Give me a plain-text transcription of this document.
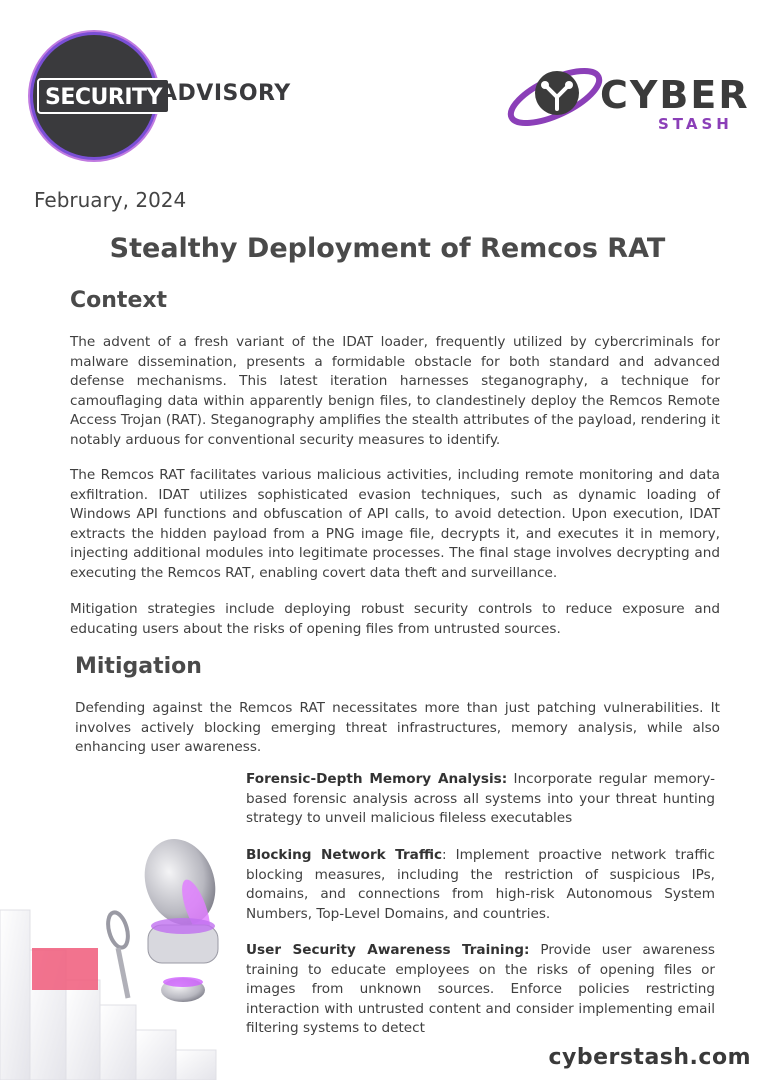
SECURITY
ADVISORY	CYBER
STASH
February, 2024
Stealthy Deployment of Remcos RAT
Context

The advent of a fresh variant of the IDAT loader, frequently utilized by cybercriminals for malware dissemination, presents a formidable obstacle for both standard and advanced defense mechanisms. This latest iteration harnesses steganography, a technique for camouflaging data within apparently benign files, to clandestinely deploy the Remcos Remote Access Trojan (RAT). Steganography amplifies the stealth attributes of the payload, rendering it notably arduous for conventional security measures to identify.

The Remcos RAT facilitates various malicious activities, including remote monitoring and data exfiltration. IDAT utilizes sophisticated evasion techniques, such as dynamic loading of Windows API functions and obfuscation of API calls, to avoid detection. Upon execution, IDAT extracts the hidden payload from a PNG image file, decrypts it, and executes it in memory, injecting additional modules into legitimate processes. The final stage involves decrypting and executing the Remcos RAT, enabling covert data theft and surveillance.

Mitigation strategies include deploying robust security controls to reduce exposure and educating users about the risks of opening files from untrusted sources.

Mitigation

Defending against the Remcos RAT necessitates more than just patching vulnerabilities. It involves actively blocking emerging threat infrastructures, memory analysis, while also enhancing user awareness.

Forensic-Depth Memory Analysis: Incorporate regular memory-based forensic analysis across all systems into your threat hunting strategy to unveil malicious fileless executables

Blocking Network Traffic: Implement proactive network traffic blocking measures, including the restriction of suspicious IPs, domains, and connections from high-risk Autonomous System Numbers, Top-Level Domains, and countries.

User Security Awareness Training: Provide user awareness training to educate employees on the risks of opening files or images from unknown sources. Enforce policies restricting interaction with untrusted content and consider implementing email filtering systems to detect

cyberstash.com
